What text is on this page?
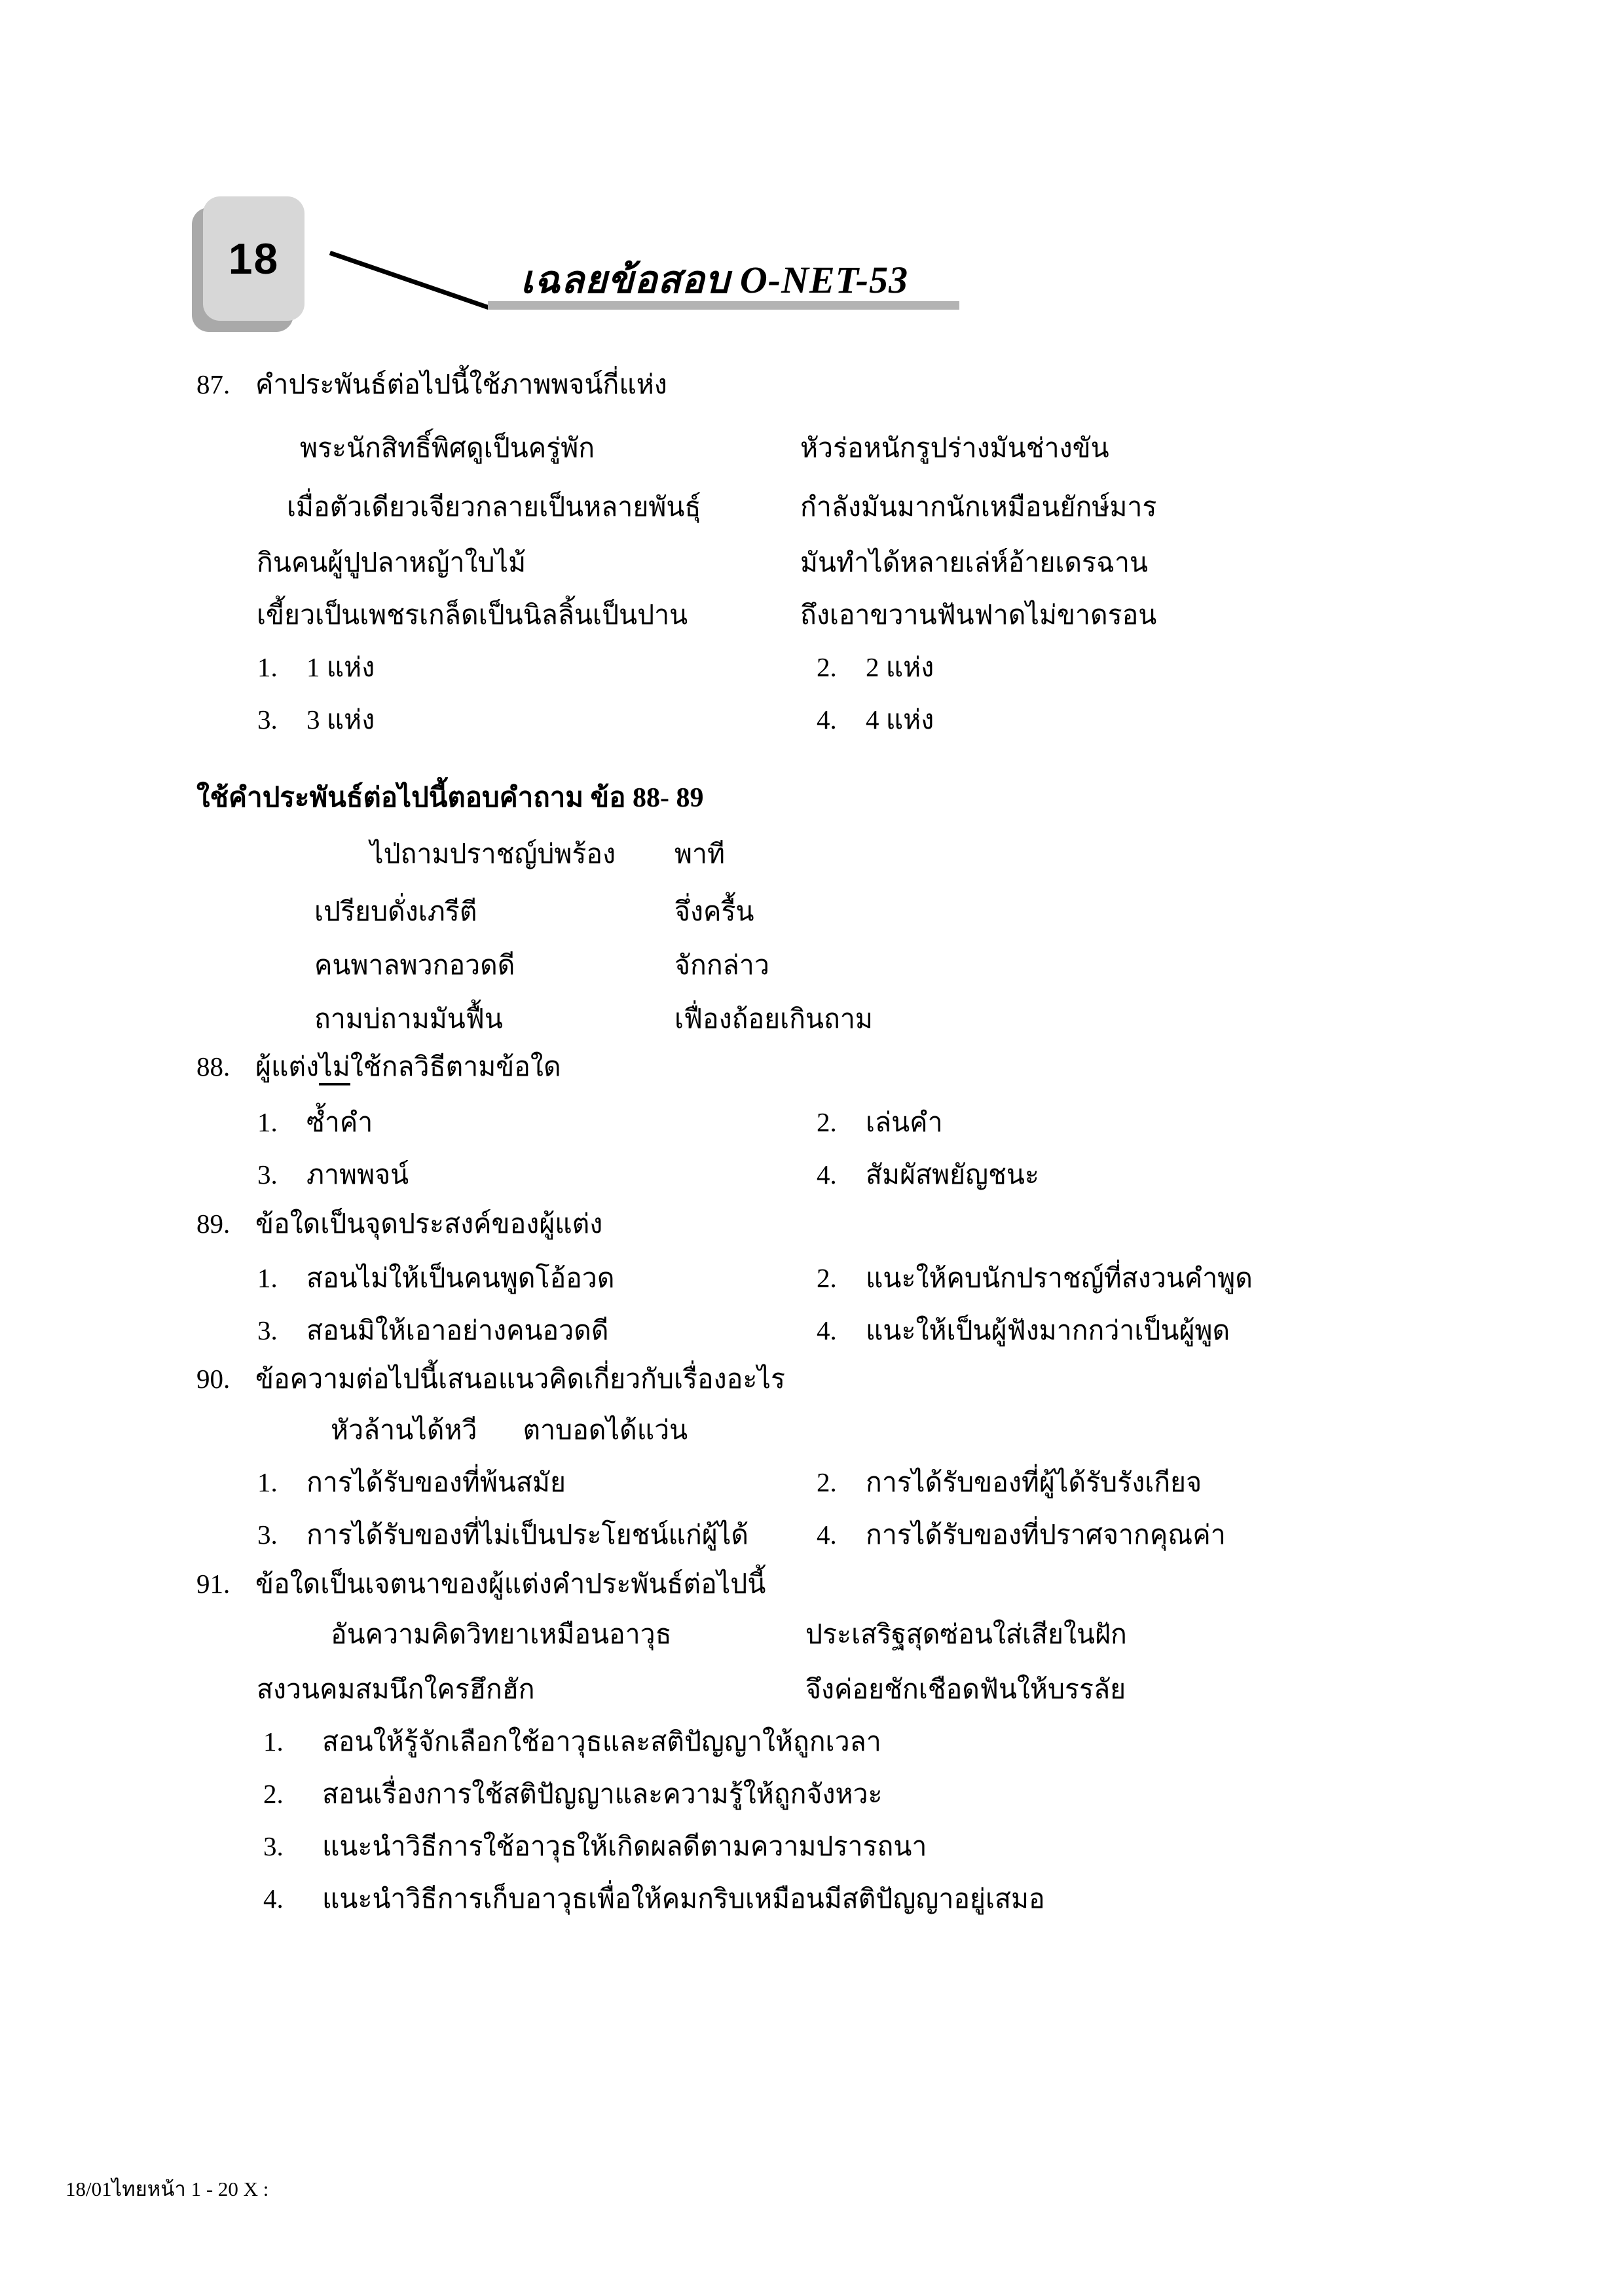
18	เฉลยข้อสอบ O-NET-53
87. คำประพันธ์ต่อไปนี้ใช้ภาพพจน์กี่แห่ง
พระนักสิทธิ์พิศดูเป็นครู่พัก	หัวร่อหนักรูปร่างมันช่างขัน
เมื่อตัวเดียวเจียวกลายเป็นหลายพันธุ์	กำลังมันมากนักเหมือนยักษ์มาร
กินคนผู้ปูปลาหญ้าใบไม้	มันทำได้หลายเล่ห์อ้ายเดรฉาน
เขี้ยวเป็นเพชรเกล็ดเป็นนิลลิ้นเป็นปาน	ถึงเอาขวานฟันฟาดไม่ขาดรอน
1. 1 แห่ง	2. 2 แห่ง
3. 3 แห่ง	4. 4 แห่ง
ใช้คำประพันธ์ต่อไปนี้ตอบคำถาม ข้อ 88- 89
ไป่ถามปราชญ์บ่พร้อง พาที
เปรียบดั่งเภรีตี	จึ่งครื้น
คนพาลพวกอวดดี	จักกล่าว
ถามบ่ถามมันฟื้น	เฟื่องถ้อยเกินถาม
88. ผู้แต่งไม่ใช้กลวิธีตามข้อใด
1. ซ้ำคำ	2. เล่นคำ
3. ภาพพจน์	4. สัมผัสพยัญชนะ
89. ข้อใดเป็นจุดประสงค์ของผู้แต่ง
1. สอนไม่ให้เป็นคนพูดโอ้อวด	2. แนะให้คบนักปราชญ์ที่สงวนคำพูด
3. สอนมิให้เอาอย่างคนอวดดี	4. แนะให้เป็นผู้ฟังมากกว่าเป็นผู้พูด
90. ข้อความต่อไปนี้เสนอแนวคิดเกี่ยวกับเรื่องอะไร
หัวล้านได้หวี ตาบอดได้แว่น
1. การได้รับของที่พ้นสมัย	2. การได้รับของที่ผู้ได้รับรังเกียจ
3. การได้รับของที่ไม่เป็นประโยชน์แก่ผู้ได้	4. การได้รับของที่ปราศจากคุณค่า
91. ข้อใดเป็นเจตนาของผู้แต่งคำประพันธ์ต่อไปนี้
อันความคิดวิทยาเหมือนอาวุธ	ประเสริฐสุดซ่อนใส่เสียในฝัก
สงวนคมสมนึกใครฮึกฮัก	จึงค่อยชักเชือดฟันให้บรรลัย
1. สอนให้รู้จักเลือกใช้อาวุธและสติปัญญาให้ถูกเวลา
2. สอนเรื่องการใช้สติปัญญาและความรู้ให้ถูกจังหวะ
3. แนะนำวิธีการใช้อาวุธให้เกิดผลดีตามความปรารถนา
4. แนะนำวิธีการเก็บอาวุธเพื่อให้คมกริบเหมือนมีสติปัญญาอยู่เสมอ
18/01ไทยหน้า 1 - 20 X :
